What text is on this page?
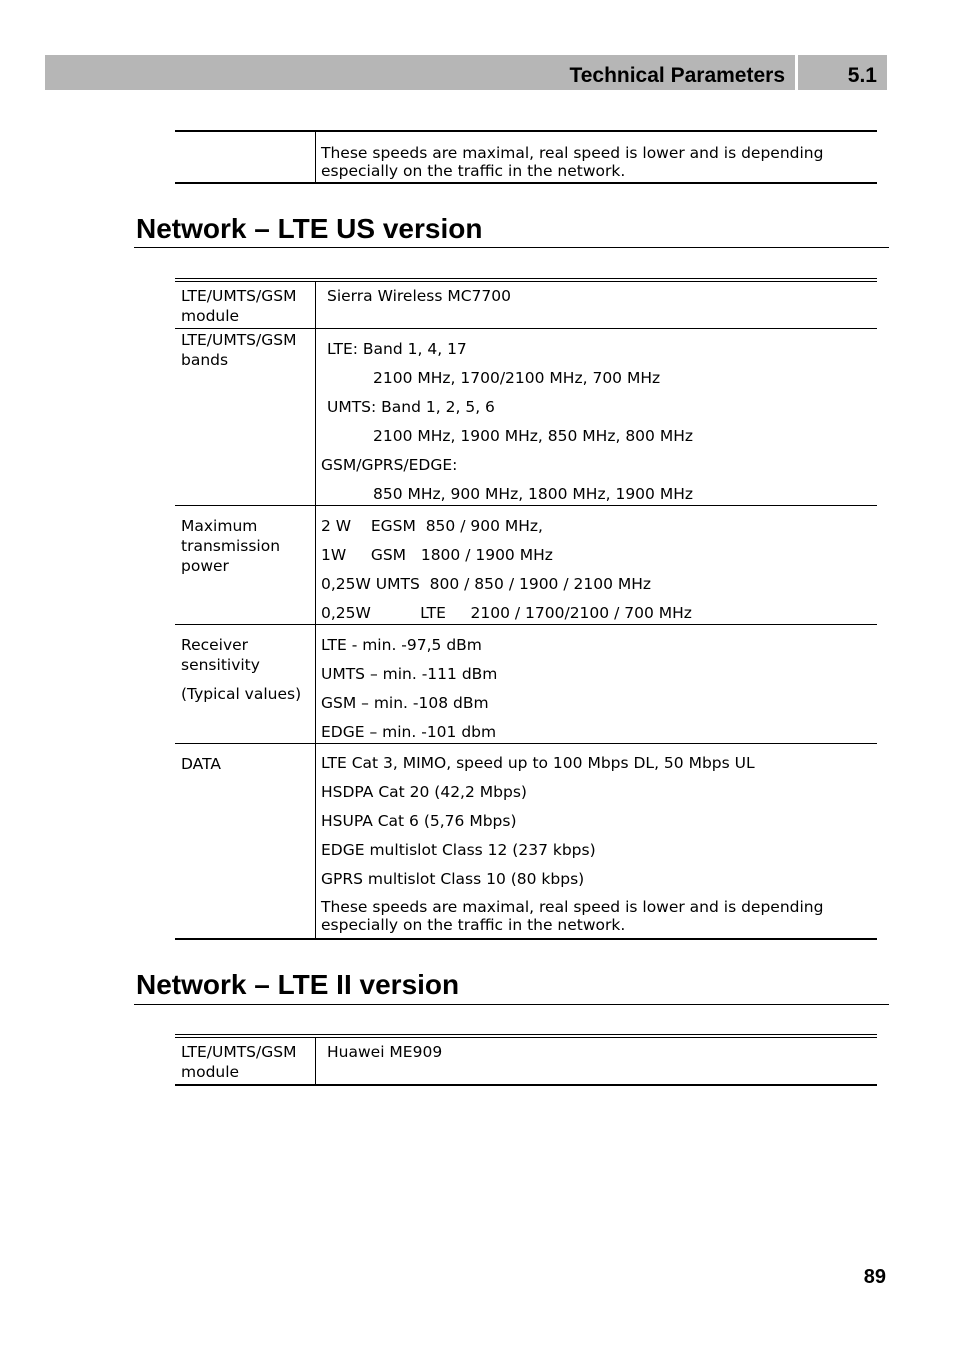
Technical Parameters	5.1
These speeds are maximal, real speed is lower and is depending especially on the traffic in the network.
Network – LTE US version
LTE/UMTS/GSM module
Sierra Wireless MC7700
LTE/UMTS/GSM bands
LTE: Band 1, 4, 17
2100 MHz, 1700/2100 MHz, 700 MHz
UMTS: Band 1, 2, 5, 6
2100 MHz, 1900 MHz, 850 MHz, 800 MHz
GSM/GPRS/EDGE:
850 MHz, 900 MHz, 1800 MHz, 1900 MHz
Maximum transmission power
2 W    EGSM  850 / 900 MHz,
1W     GSM   1800 / 1900 MHz
0,25W UMTS  800 / 850 / 1900 / 2100 MHz
0,25W          LTE     2100 / 1700/2100 / 700 MHz
Receiver sensitivity
(Typical values)
LTE - min. -97,5 dBm
UMTS – min. -111 dBm
GSM – min. -108 dBm
EDGE – min. -101 dbm
DATA	LTE Cat 3, MIMO, speed up to 100 Mbps DL, 50 Mbps UL
HSDPA Cat 20 (42,2 Mbps)
HSUPA Cat 6 (5,76 Mbps)
EDGE multislot Class 12 (237 kbps)
GPRS multislot Class 10 (80 kbps)
These speeds are maximal, real speed is lower and is depending especially on the traffic in the network.
Network – LTE II version
LTE/UMTS/GSM module
Huawei ME909
89
